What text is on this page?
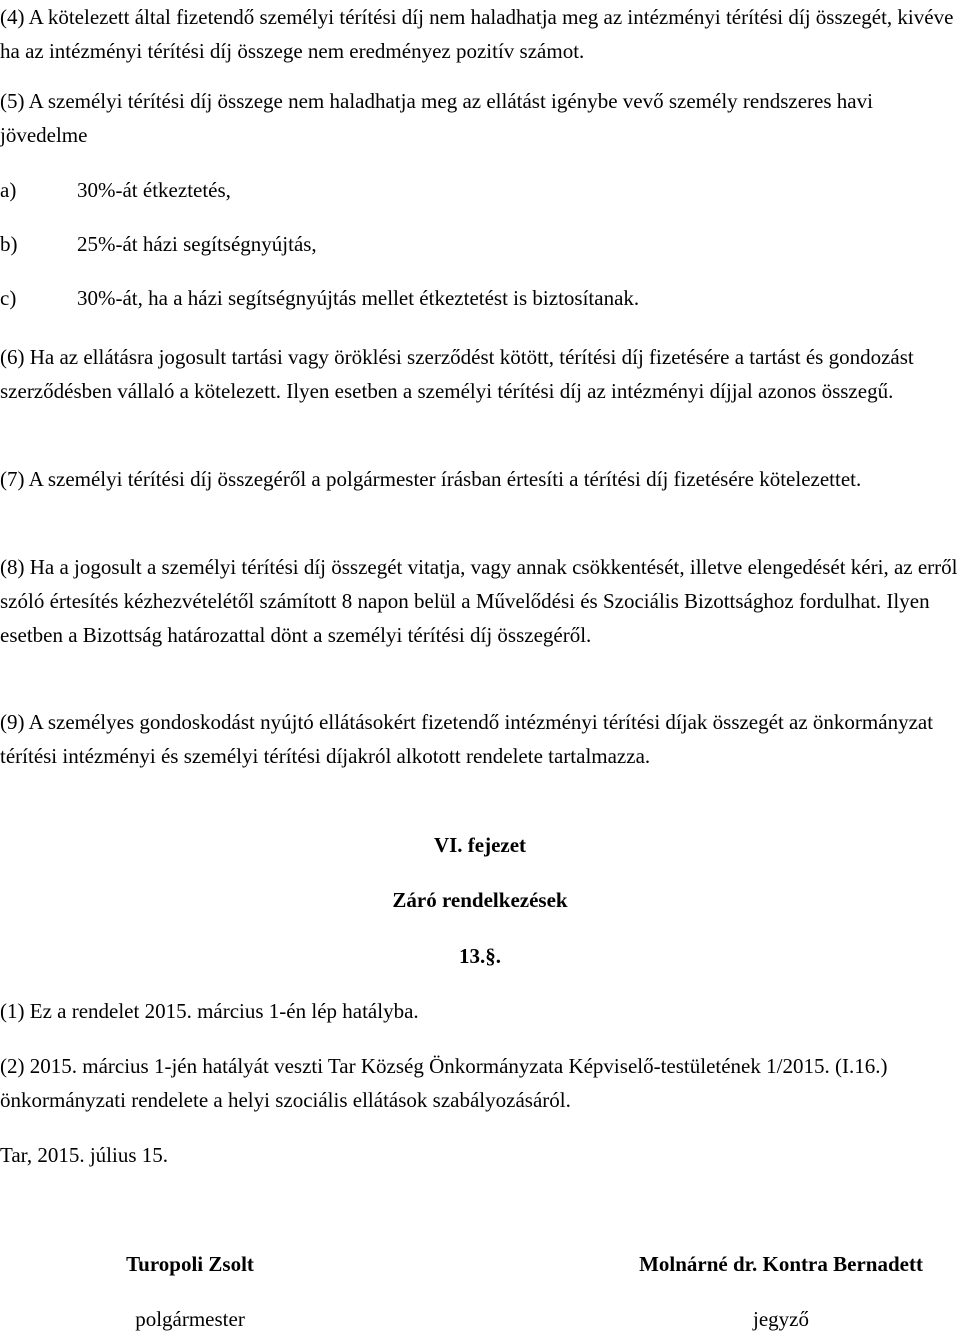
(4) A kötelezett által fizetendő személyi térítési díj nem haladhatja meg az intézményi térítési díj összegét, kivéve ha az intézményi térítési díj összege nem eredményez pozitív számot.

(5) A személyi térítési díj összege nem haladhatja meg az ellátást igénybe vevő személy rendszeres havi jövedelme

a)	30%-át étkeztetés,
b)	25%-át házi segítségnyújtás,
c)	30%-át, ha a házi segítségnyújtás mellet étkeztetést is biztosítanak.

(6) Ha az ellátásra jogosult tartási vagy öröklési szerződést kötött, térítési díj fizetésére a tartást és gondozást szerződésben vállaló a kötelezett. Ilyen esetben a személyi térítési díj az intézményi díjjal azonos összegű.

(7) A személyi térítési díj összegéről a polgármester írásban értesíti a térítési díj fizetésére kötelezettet.

(8) Ha a jogosult a személyi térítési díj összegét vitatja, vagy annak csökkentését, illetve elengedését kéri, az erről szóló értesítés kézhezvételétől számított 8 napon belül a Művelődési és Szociális Bizottsághoz fordulhat. Ilyen esetben a Bizottság határozattal dönt a személyi térítési díj összegéről.

(9) A személyes gondoskodást nyújtó ellátásokért fizetendő intézményi térítési díjak összegét az önkormányzat térítési intézményi és személyi térítési díjakról alkotott rendelete tartalmazza.

VI. fejezet
Záró rendelkezések
13.§.

(1) Ez a rendelet 2015. március 1-én lép hatályba.

(2) 2015. március 1-jén hatályát veszti Tar Község Önkormányzata Képviselő-testületének 1/2015. (I.16.) önkormányzati rendelete a helyi szociális ellátások szabályozásáról.

Tar, 2015. július 15.

Turopoli Zsolt
polgármester
Molnárné dr. Kontra Bernadett
jegyző
